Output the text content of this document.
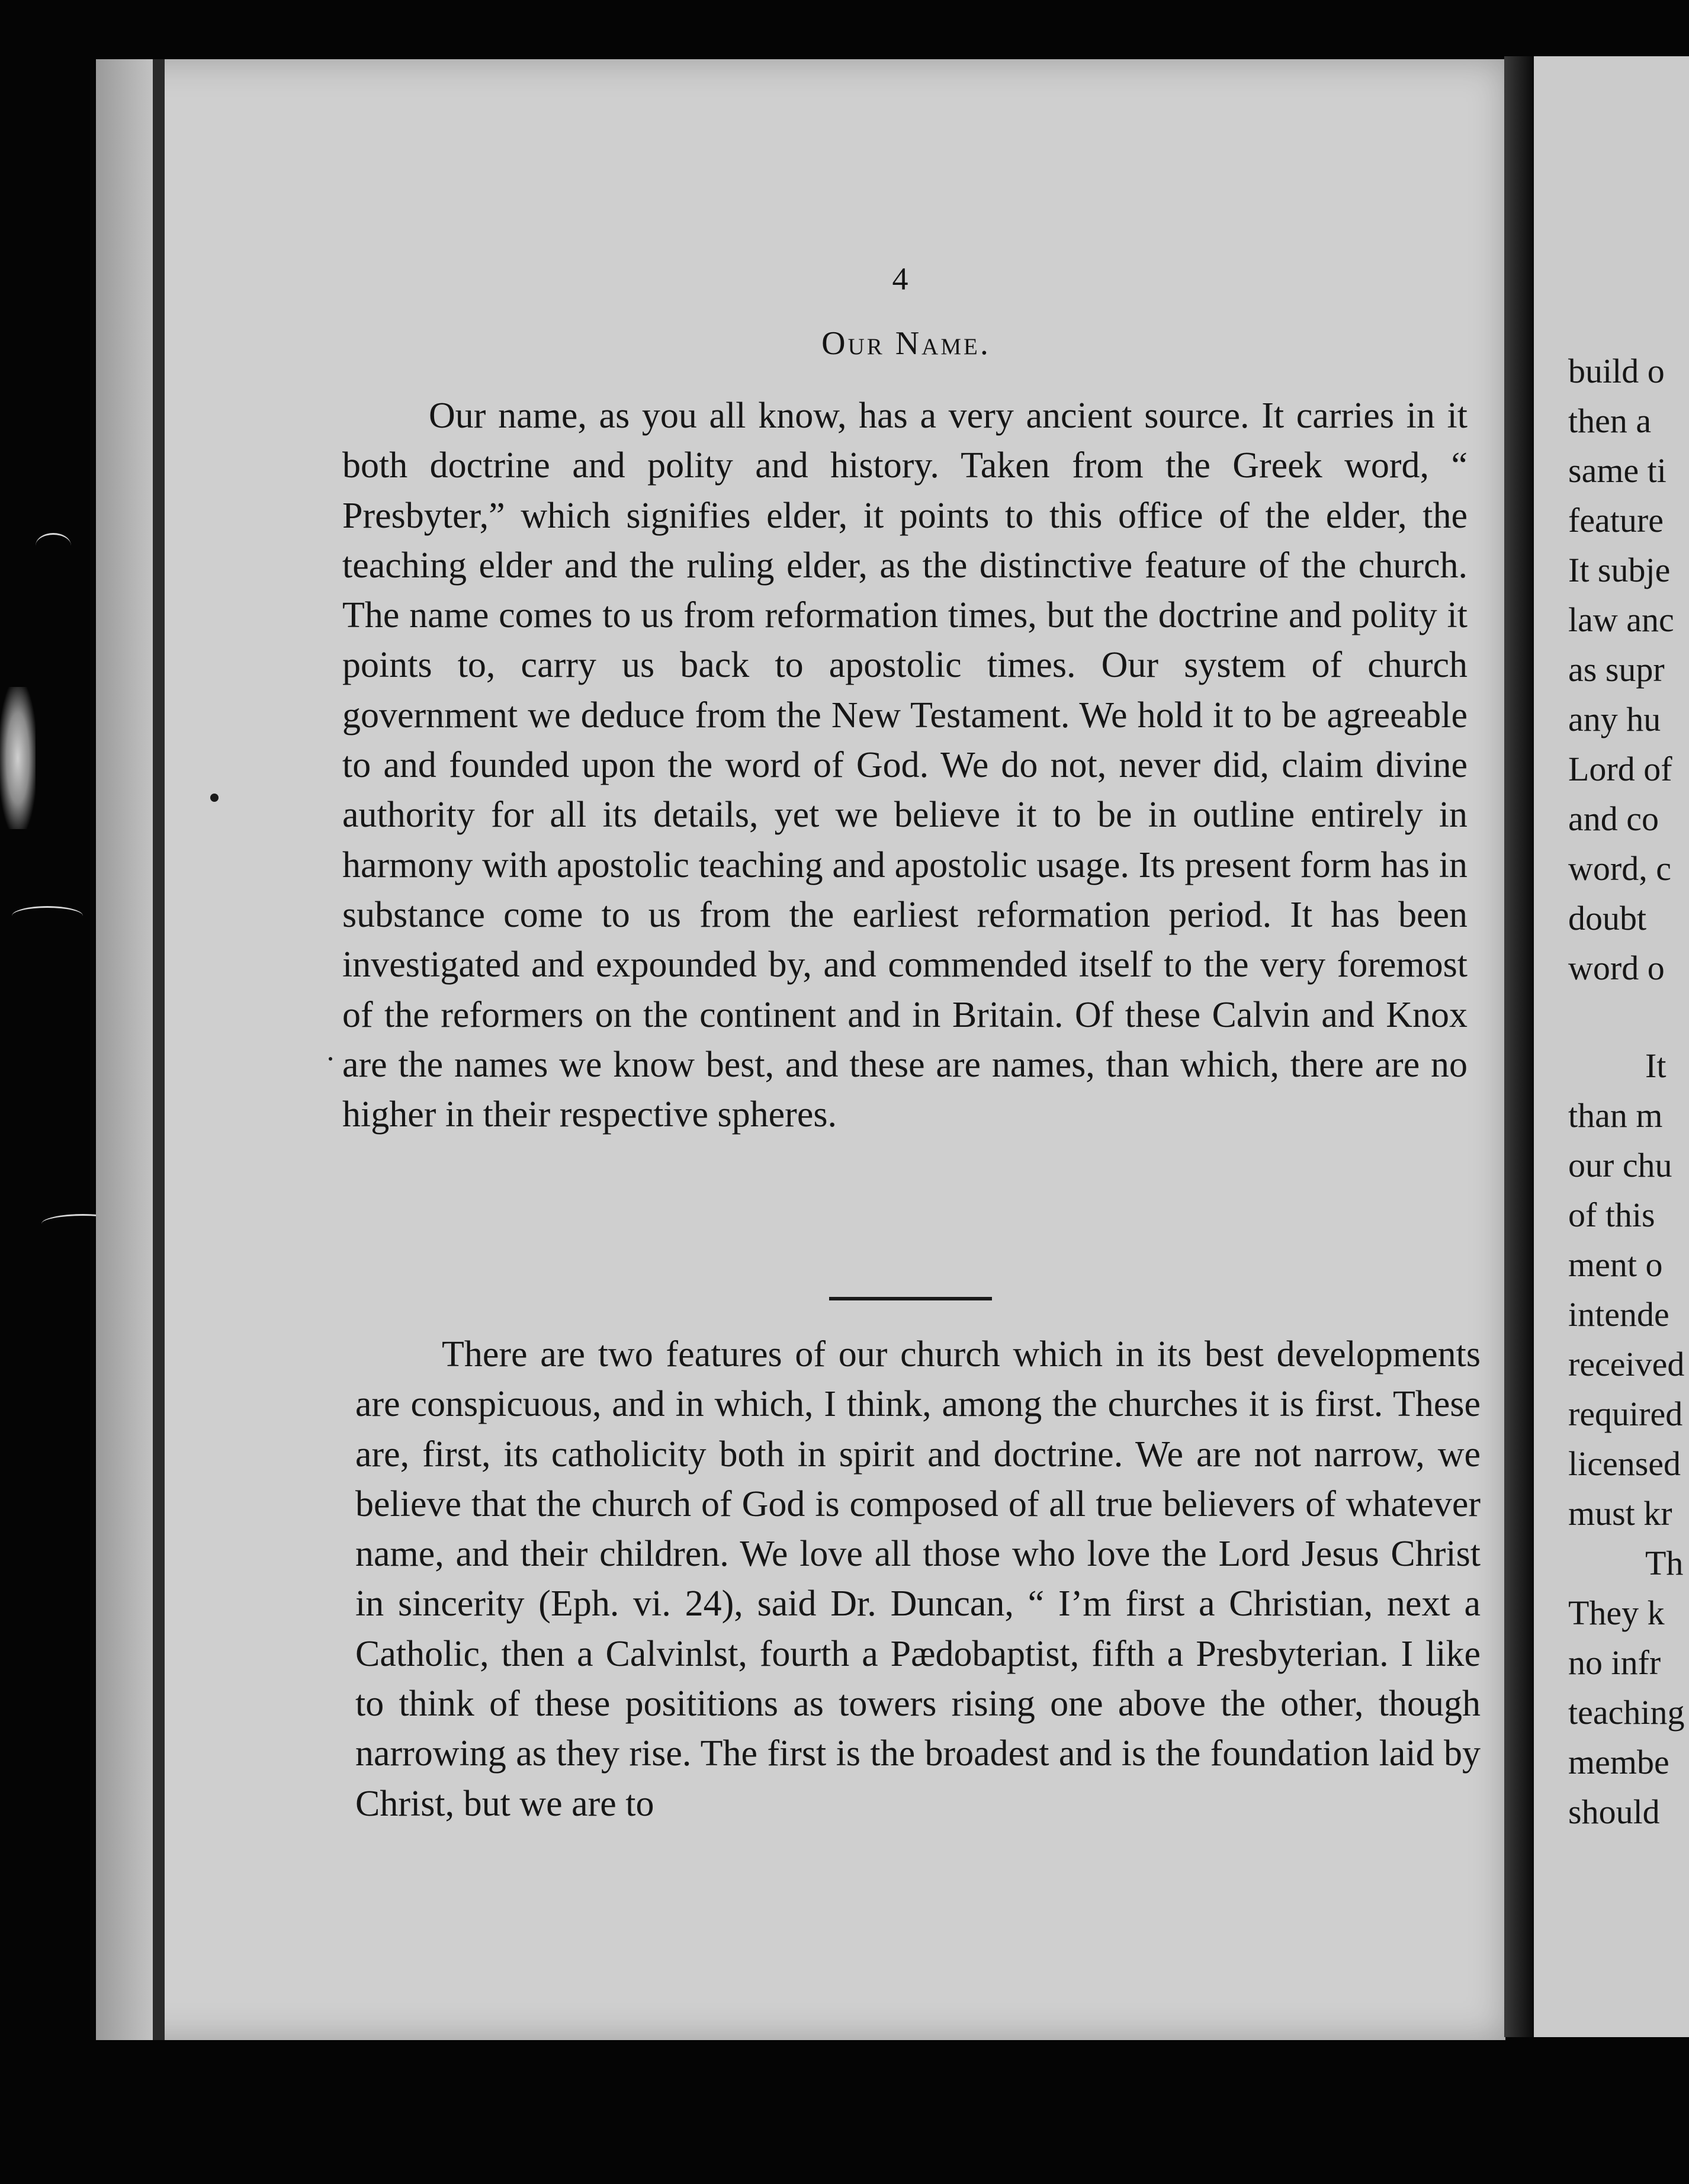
4
Our Name.

Our name, as you all know, has a very ancient source. It carries in it both doctrine and polity and history. Taken from the Greek word, “ Presbyter,” which signifies elder, it points to this office of the elder, the teaching elder and the ruling elder, as the distinctive feature of the church. The name comes to us from reformation times, but the doctrine and polity it points to, carry us back to apostolic times. Our system of church government we deduce from the New Testament. We hold it to be agreeable to and founded upon the word of God. We do not, never did, claim divine authority for all its details, yet we believe it to be in outline entirely in harmony with apostolic teaching and apostolic usage. Its present form has in substance come to us from the earliest reformation period. It has been investigated and expounded by, and commended itself to the very foremost of the reformers on the continent and in Britain. Of these Calvin and Knox are the names we know best, and these are names, than which, there are no higher in their respective spheres.

There are two features of our church which in its best developments are conspicuous, and in which, I think, among the churches it is first. These are, first, its catholicity both in spirit and doctrine. We are not narrow, we believe that the church of God is composed of all true believers of whatever name, and their children. We love all those who love the Lord Jesus Christ in sincerity (Eph. vi. 24), said Dr. Duncan, “ I’m first a Christian, next a Catholic, then a Calvinlst, fourth a Pædobaptist, fifth a Presbyterian. I like to think of these posititions as towers rising one above the other, though narrowing as they rise. The first is the broadest and is the foundation laid by Christ, but we are to

build o
then a
same ti
feature
It subje
law anc
as supr
any hu
Lord of
and co
word, c
doubt
word o
It
than m
our chu
of this
ment o
intende
received
required
licensed
must kr
Th
They k
no infr
teaching
membe
should
